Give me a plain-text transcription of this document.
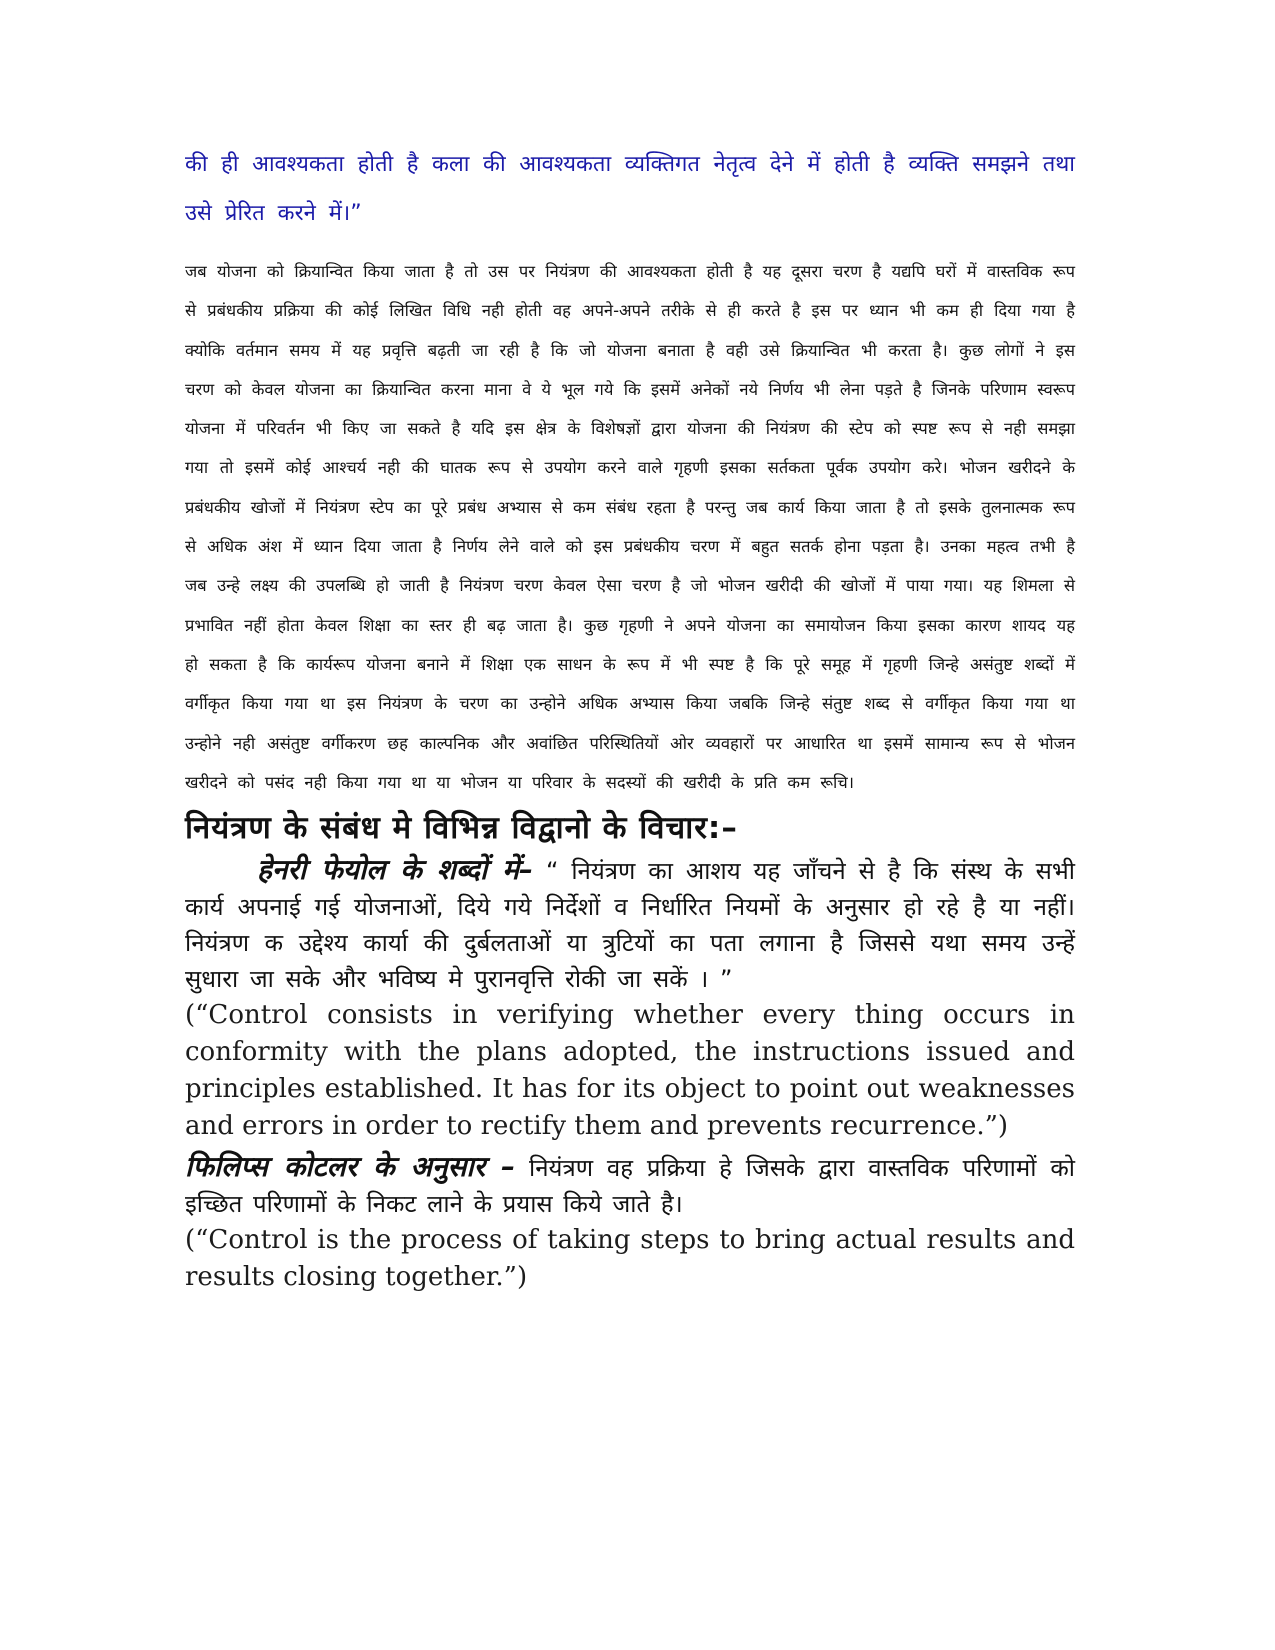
की ही आवश्यकता होती है कला की आवश्यकता व्यक्तिगत नेतृत्व देने में होती है व्यक्ति समझने तथा उसे प्रेरित करने में।”

जब योजना को क्रियान्वित किया जाता है तो उस पर नियंत्रण की आवश्यकता होती है यह दूसरा चरण है यद्यपि घरों में वास्तविक रूप से प्रबंधकीय प्रक्रिया की कोई लिखित विधि नही होती वह अपने-अपने तरीके से ही करते है इस पर ध्यान भी कम ही दिया गया है क्योकि वर्तमान समय में यह प्रवृत्ति बढ़ती जा रही है कि जो योजना बनाता है वही उसे क्रियान्वित भी करता है। कुछ लोगों ने इस चरण को केवल योजना का क्रियान्वित करना माना वे ये भूल गये कि इसमें अनेकों नये निर्णय भी लेना पड़ते है जिनके परिणाम स्वरूप योजना में परिवर्तन भी किए जा सकते है यदि इस क्षेत्र के विशेषज्ञों द्वारा योजना की नियंत्रण की स्टेप को स्पष्ट रूप से नही समझा गया तो इसमें कोई आश्चर्य नही की घातक रूप से उपयोग करने वाले गृहणी इसका सर्तकता पूर्वक उपयोग करे। भोजन खरीदने के प्रबंधकीय खोजों में नियंत्रण स्टेप का पूरे प्रबंध अभ्यास से कम संबंध रहता है परन्तु जब कार्य किया जाता है तो इसके तुलनात्मक रूप से अधिक अंश में ध्यान दिया जाता है निर्णय लेने वाले को इस प्रबंधकीय चरण में बहुत सतर्क होना पड़ता है। उनका महत्व तभी है जब उन्हे लक्ष्य की उपलब्धि हो जाती है नियंत्रण चरण केवल ऐसा चरण है जो भोजन खरीदी की खोजों में पाया गया। यह शिमला से प्रभावित नहीं होता केवल शिक्षा का स्तर ही बढ़ जाता है। कुछ गृहणी ने अपने योजना का समायोजन किया इसका कारण शायद यह हो सकता है कि कार्यरूप योजना बनाने में शिक्षा एक साधन के रूप में भी स्पष्ट है कि पूरे समूह में गृहणी जिन्हे असंतुष्ट शब्दों में वर्गीकृत किया गया था इस नियंत्रण के चरण का उन्होने अधिक अभ्यास किया जबकि जिन्हे संतुष्ट शब्द से वर्गीकृत किया गया था उन्होने नही असंतुष्ट वर्गीकरण छह काल्पनिक और अवांछित परिस्थितियों ओर व्यवहारों पर आधारित था इसमें सामान्य रूप से भोजन खरीदने को पसंद नही किया गया था या भोजन या परिवार के सदस्यों की खरीदी के प्रति कम रूचि।

नियंत्रण के संबंध मे विभिन्न विद्वानो के विचार:–

हेनरी फेयोल के शब्दों में– “ नियंत्रण का आशय यह जाँचने से है कि संस्थ के सभी कार्य अपनाई गई योजनाओं, दिये गये निर्देशों व निर्धारित नियमों के अनुसार हो रहे है या नहीं। नियंत्रण क उद्देश्य कार्या की दुर्बलताओं या त्रुटियों का पता लगाना है जिससे यथा समय उन्हें सुधारा जा सके और भविष्य मे पुरानवृत्ति रोकी जा सकें । ”

(“Control consists in verifying whether every thing occurs in conformity with the plans adopted, the instructions issued and principles established. It has for its object to point out weaknesses and errors in order to rectify them and prevents recurrence.”)

फिलिप्स कोटलर के अनुसार – नियंत्रण वह प्रक्रिया हे जिसके द्वारा वास्तविक परिणामों को इच्छित परिणामों के निकट लाने के प्रयास किये जाते है।

(“Control is the process of taking steps to bring actual results and results closing together.”)
